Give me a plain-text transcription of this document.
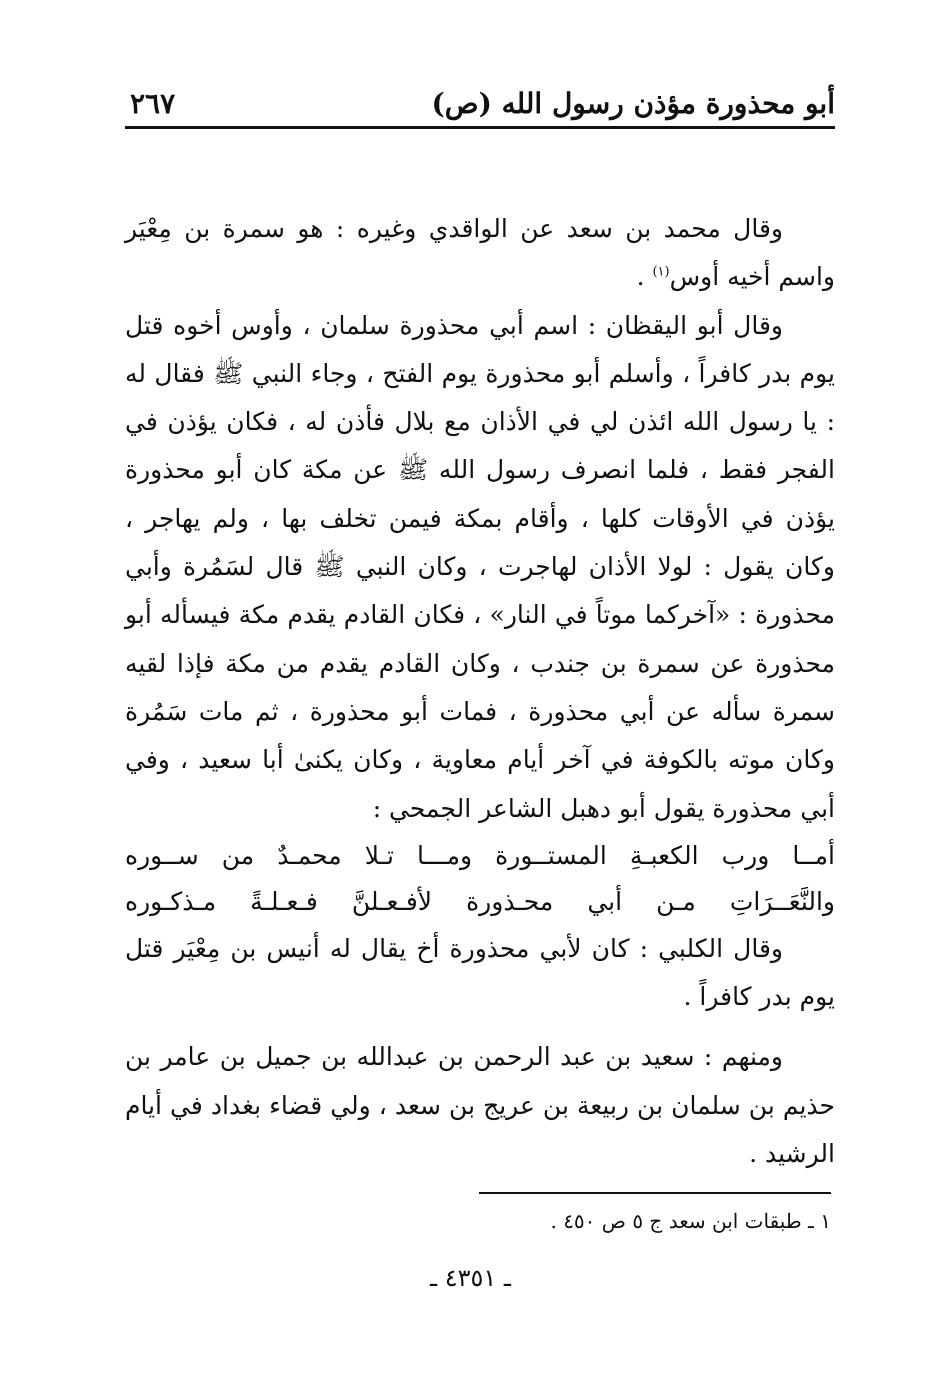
أبو محذورة مؤذن رسول الله (ص)
٢٦٧

وقال محمد بن سعد عن الواقدي وغيره : هو سمرة بن مِعْيَر واسم أخيه أوس$^{(١)}$ .

وقال أبو اليقظان : اسم أبي محذورة سلمان ، وأوس أخوه قتل يوم بدر كافراً ، وأسلم أبو محذورة يوم الفتح ، وجاء النبي ﷺ فقال له : يا رسول الله ائذن لي في الأذان مع بلال فأذن له ، فكان يؤذن في الفجر فقط ، فلما انصرف رسول الله ﷺ عن مكة كان أبو محذورة يؤذن في الأوقات كلها ، وأقام بمكة فيمن تخلف بها ، ولم يهاجر ، وكان يقول : لولا الأذان لهاجرت ، وكان النبي ﷺ قال لسَمُرة وأبي محذورة : «آخركما موتاً في النار» ، فكان القادم يقدم مكة فيسأله أبو محذورة عن سمرة بن جندب ، وكان القادم يقدم من مكة فإذا لقيه سمرة سأله عن أبي محذورة ، فمات أبو محذورة ، ثم مات سَمُرة وكان موته بالكوفة في آخر أيام معاوية ، وكان يكنىٰ أبا سعيد ، وفي أبي محذورة يقول أبو دهبل الشاعر الجمحي :

أمــا ورب الكعبـةِ المستــورة ومـــا تـلا محمـدٌ من ســوره

والنَّعَــرَاتِ مـن أبي محـذورة لأفـعـلنَّ فـعـلـةً مـذكـوره

وقال الكلبي : كان لأبي محذورة أخ يقال له أنيس بن مِعْيَر قتل يوم بدر كافراً .

ومنهم : سعيد بن عبد الرحمن بن عبدالله بن جميل بن عامر بن حذيم بن سلمان بن ربيعة بن عريج بن سعد ، ولي قضاء بغداد في أيام الرشيد .

١ ـ طبقات ابن سعد ج ٥ ص ٤٥٠ .
ـ ٤٣٥١ ـ
